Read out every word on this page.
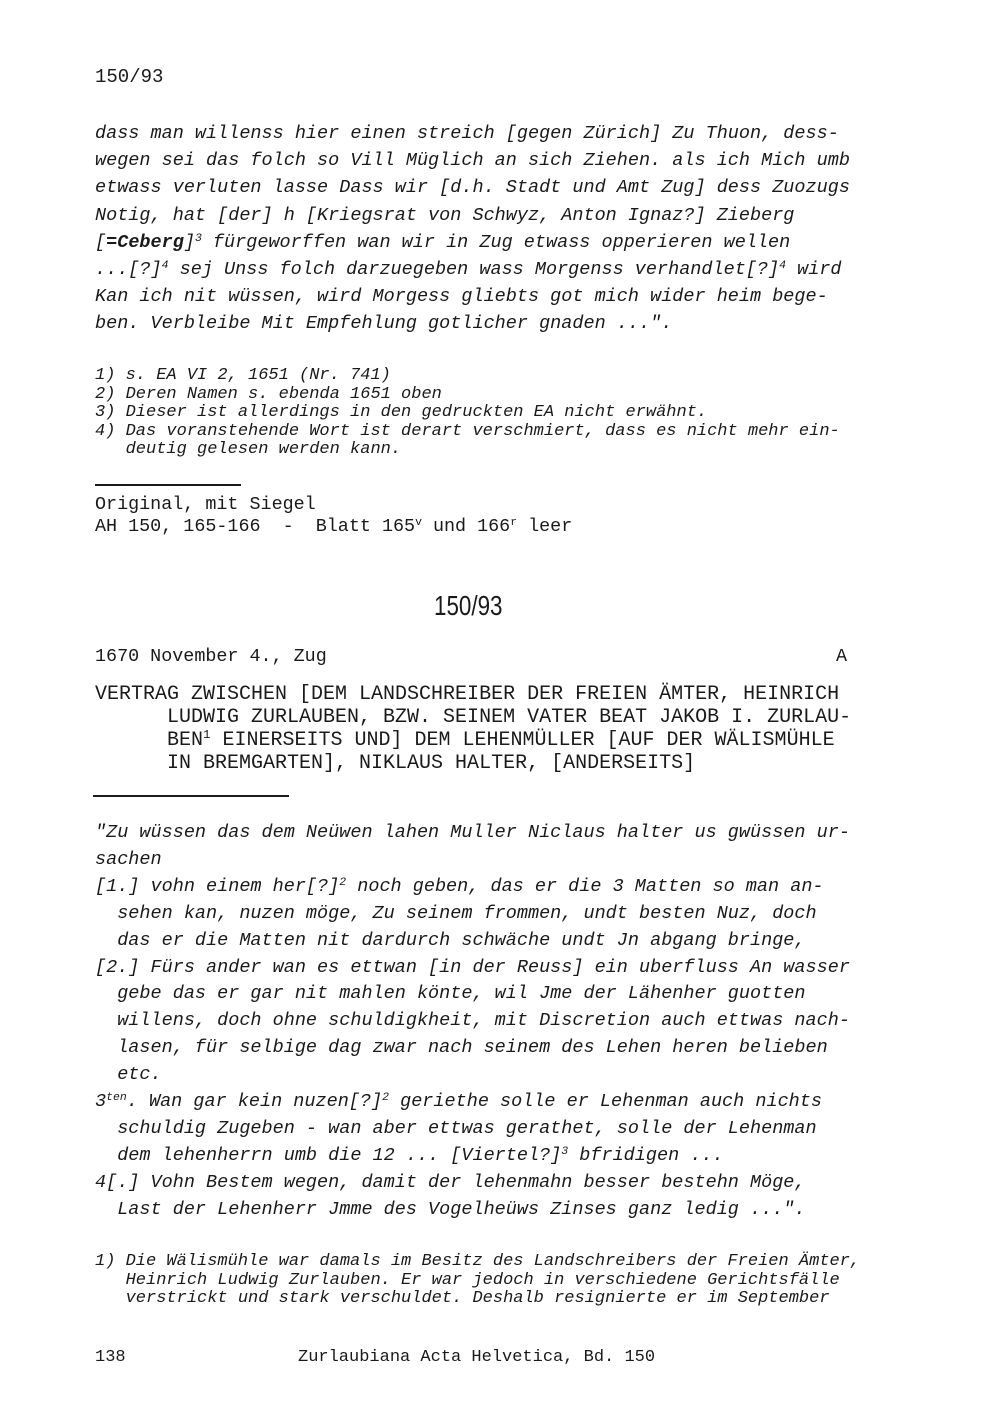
150/93
dass man willenss hier einen streich [gegen Zürich] Zu Thuon, dess-
wegen sei das folch so Vill Müglich an sich Ziehen. als ich Mich umb
etwass verluten lasse Dass wir [d.h. Stadt und Amt Zug] dess Zuozugs
Notig, hat [der] h [Kriegsrat von Schwyz, Anton Ignaz?] Zieberg
[=Ceberg]$^3$ fürgeworffen wan wir in Zug etwass opperieren wellen
...[?]$^4$ sej Unss folch darzuegeben wass Morgenss verhandlet[?]$^4$ wird
Kan ich nit wüssen, wird Morgess gliebts got mich wider heim bege-
ben. Verbleibe Mit Empfehlung gotlicher gnaden ...".
1) s. EA VI 2, 1651 (Nr. 741)
2) Deren Namen s. ebenda 1651 oben
3) Dieser ist allerdings in den gedruckten EA nicht erwähnt.
4) Das voranstehende Wort ist derart verschmiert, dass es nicht mehr ein-
deutig gelesen werden kann.
Original, mit Siegel
AH 150, 165-166  -  Blatt 165$^v$ und 166$^r$ leer
150/93
1670 November 4., Zug	A
VERTRAG ZWISCHEN [DEM LANDSCHREIBER DER FREIEN ÄMTER, HEINRICH
LUDWIG ZURLAUBEN, BZW. SEINEM VATER BEAT JAKOB I. ZURLAU-
BEN$^1$ EINERSEITS UND] DEM LEHENMÜLLER [AUF DER WÄLISMÜHLE
IN BREMGARTEN], NIKLAUS HALTER, [ANDERSEITS]
"Zu wüssen das dem Neüwen lahen Muller Niclaus halter us gwüssen ur-
sachen
[1.] vohn einem her[?]$^2$ noch geben, das er die 3 Matten so man an-
sehen kan, nuzen möge, Zu seinem frommen, undt besten Nuz, doch
das er die Matten nit dardurch schwäche undt Jn abgang bringe,
[2.] Fürs ander wan es ettwan [in der Reuss] ein uberfluss An wasser
gebe das er gar nit mahlen könte, wil Jme der Lähenher guotten
willens, doch ohne schuldigkheit, mit Discretion auch ettwas nach-
lasen, für selbige dag zwar nach seinem des Lehen heren belieben
etc.
$3^{ten}$. Wan gar kein nuzen[?]$^2$ geriethe solle er Lehenman auch nichts
schuldig Zugeben - wan aber ettwas gerathet, solle der Lehenman
dem lehenherrn umb die 12 ... [Viertel?]$^3$ bfridigen ...
4[.] Vohn Bestem wegen, damit der lehenmahn besser bestehn Möge,
Last der Lehenherr Jmme des Vogelheüws Zinses ganz ledig ...".
1) Die Wälismühle war damals im Besitz des Landschreibers der Freien Ämter,
Heinrich Ludwig Zurlauben. Er war jedoch in verschiedene Gerichtsfälle
verstrickt und stark verschuldet. Deshalb resignierte er im September
138	Zurlaubiana Acta Helvetica, Bd. 150
